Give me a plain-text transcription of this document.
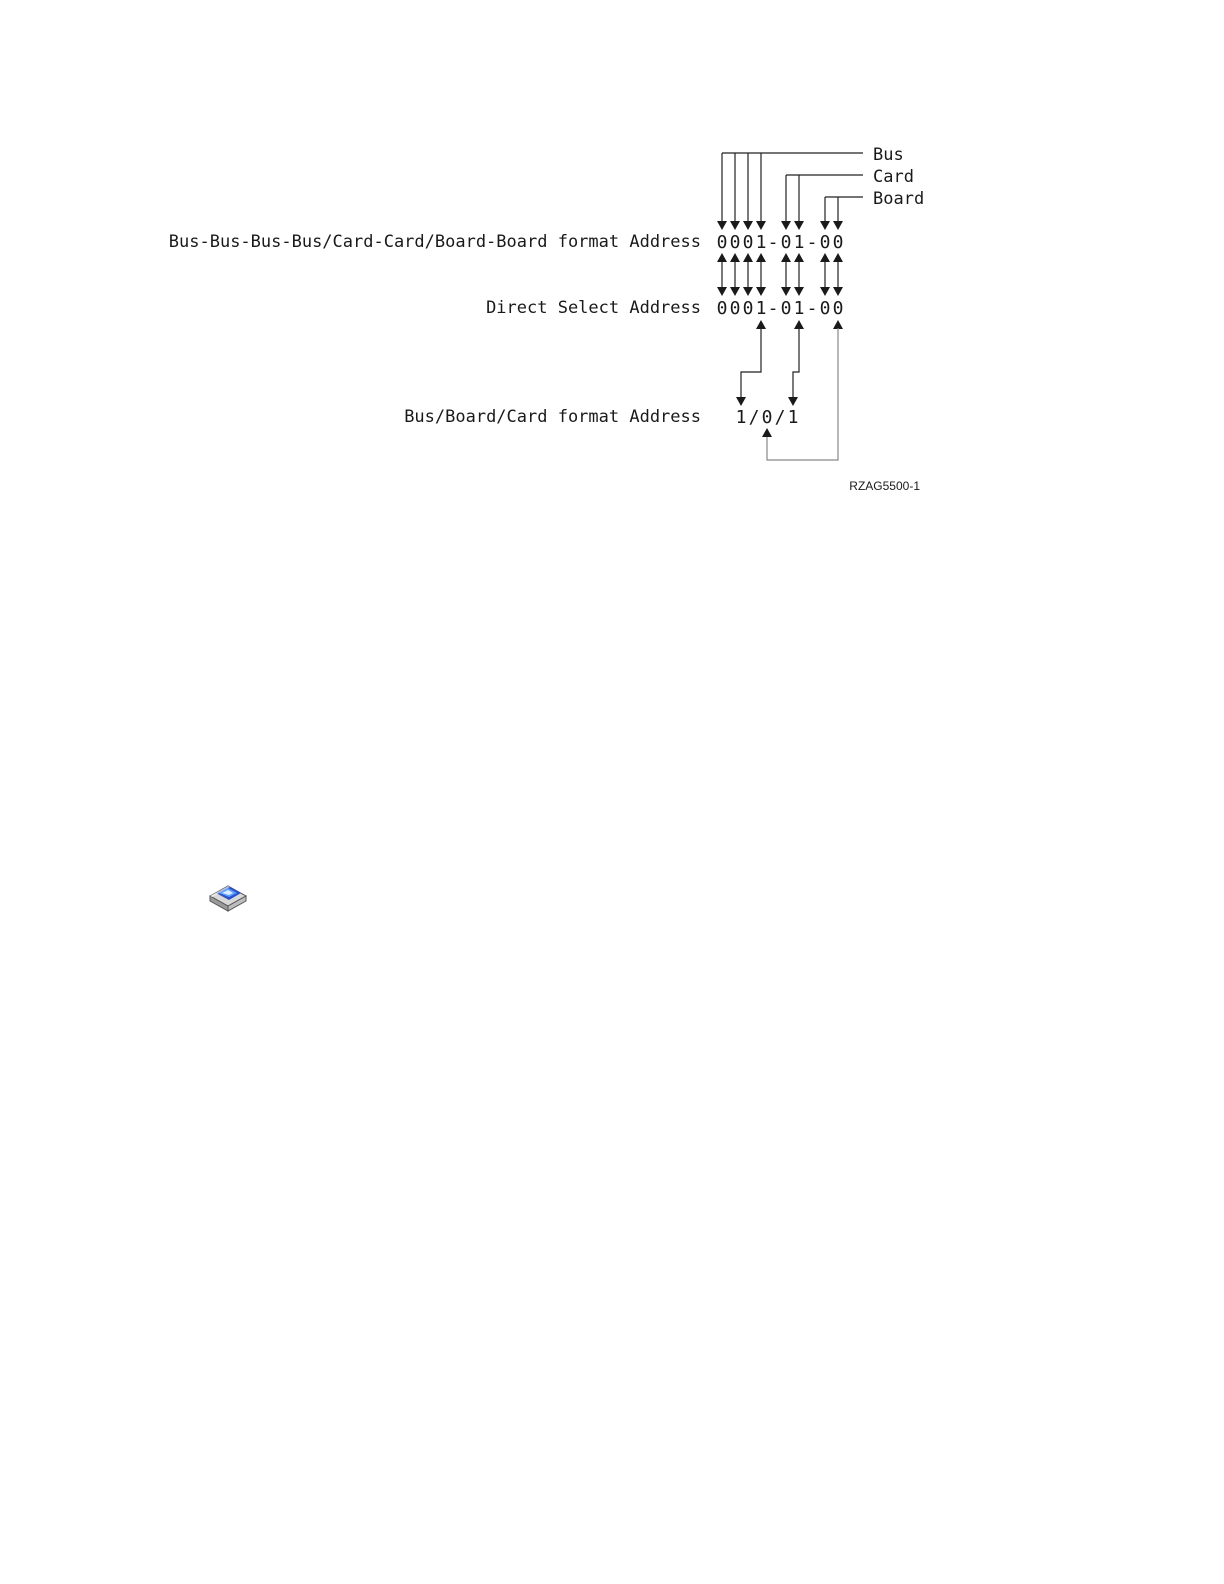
Bus
Card
Board
Bus-Bus-Bus-Bus/Card-Card/Board-Board format Address 0 0 0 1 - 0 1 - 0 0
Direct Select Address 0 0 0 1 - 0 1 - 0 0
Bus/Board/Card format Address 1 / 0 / 1
RZAG5500-1
